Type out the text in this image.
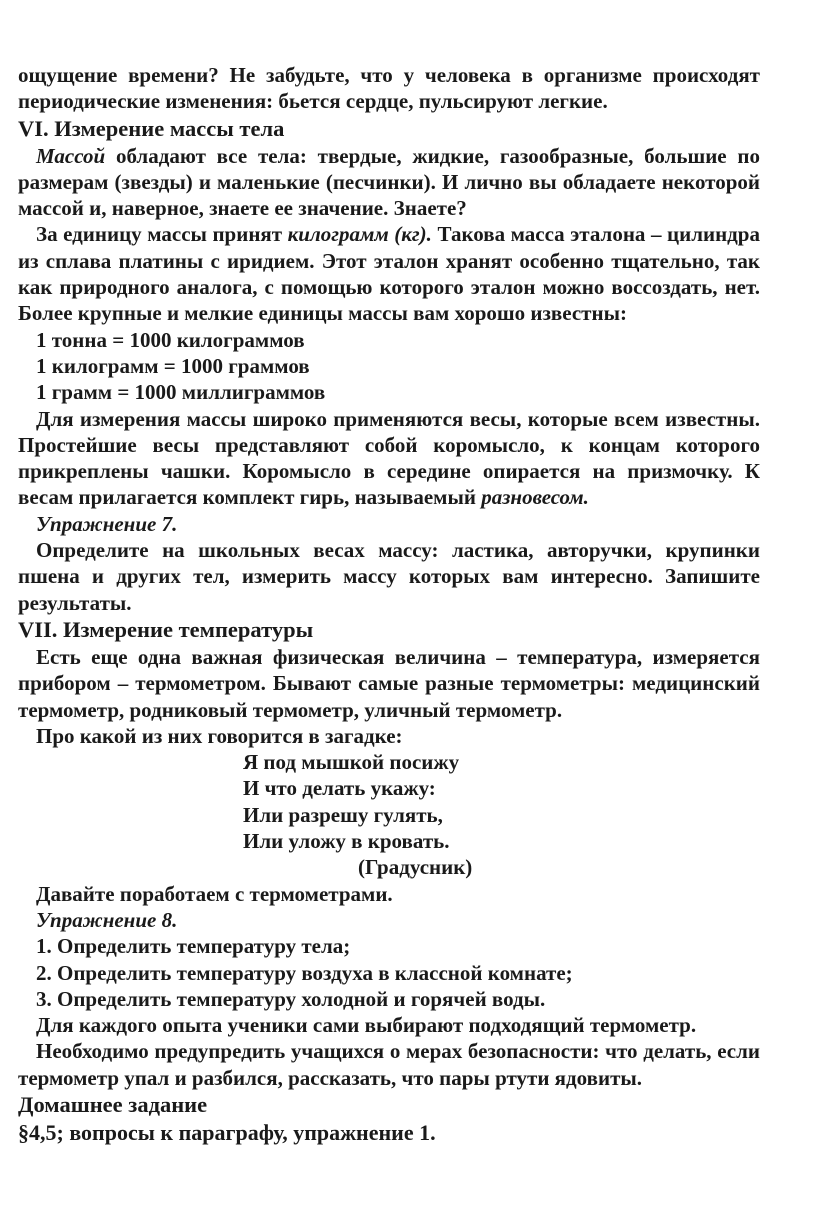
ощущение времени? Не забудьте, что у человека в организме происходят периодические изменения: бьется сердце, пульсируют легкие.

VI. Измерение массы тела

Массой обладают все тела: твердые, жидкие, газообразные, большие по размерам (звезды) и маленькие (песчинки). И лично вы обладаете некоторой массой и, наверное, знаете ее значение. Знаете?

За единицу массы принят килограмм (кг). Такова масса эталона – цилиндра из сплава платины с иридием. Этот эталон хранят особенно тщательно, так как природного аналога, с помощью которого эталон можно воссоздать, нет. Более крупные и мелкие единицы массы вам хорошо известны:

1 тонна = 1000 килограммов
1 килограмм = 1000 граммов
1 грамм = 1000 миллиграммов

Для измерения массы широко применяются весы, которые всем известны. Простейшие весы представляют собой коромысло, к концам которого прикреплены чашки. Коромысло в середине опирается на призмочку. К весам прилагается комплект гирь, называемый разновесом.

Упражнение 7.

Определите на школьных весах массу: ластика, авторучки, крупинки пшена и других тел, измерить массу которых вам интересно. Запишите результаты.

VII. Измерение температуры

Есть еще одна важная физическая величина – температура, измеряется прибором – термометром. Бывают самые разные термометры: медицинский термометр, родниковый термометр, уличный термометр.

Про какой из них говорится в загадке:

Я под мышкой посижу
И что делать укажу:
Или разрешу гулять,
Или уложу в кровать.
(Градусник)

Давайте поработаем с термометрами.

Упражнение 8.
1. Определить температуру тела;
2. Определить температуру воздуха в классной комнате;
3. Определить температуру холодной и горячей воды.

Для каждого опыта ученики сами выбирают подходящий термометр.

Необходимо предупредить учащихся о мерах безопасности: что делать, если термометр упал и разбился, рассказать, что пары ртути ядовиты.

Домашнее задание

§4,5; вопросы к параграфу, упражнение 1.
